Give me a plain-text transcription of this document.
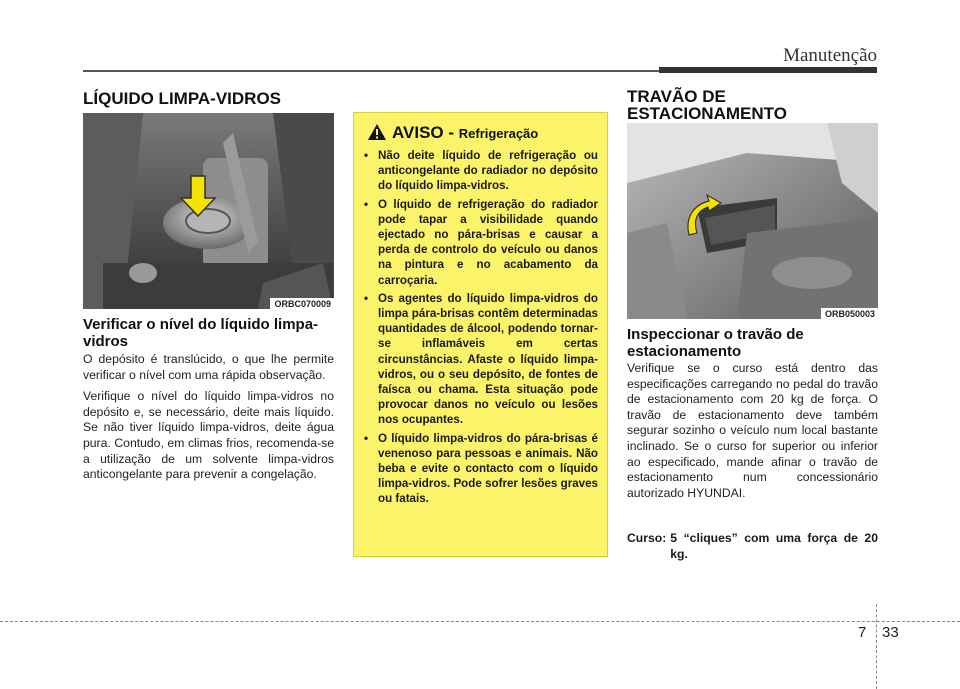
Manutenção
LÍQUIDO LIMPA-VIDROS
ORBC070009
Verificar o nível do líquido limpa-vidros

O depósito é translúcido, o que lhe permite verificar o nível com uma rápida observação.

Verifique o nível do líquido limpa-vidros no depósito e, se necessário, deite mais líquido. Se não tiver líquido limpa-vidros, deite água pura. Contudo, em climas frios, recomenda-se a utilização de um solvente limpa-vidros anticongelante para prevenir a congelação.

AVISO - Refrigeração
• Não deite líquido de refrigeração ou anticongelante do radiador no depósito do líquido limpa-vidros.
• O líquido de refrigeração do radiador pode tapar a visibilidade quando ejectado no pára-brisas e causar a perda de controlo do veículo ou danos na pintura e no acabamento da carroçaria.
• Os agentes do líquido limpa-vidros do limpa pára-brisas contêm determinadas quantidades de álcool, podendo tornar-se inflamáveis em certas circunstâncias. Afaste o líquido limpa-vidros, ou o seu depósito, de fontes de faísca ou chama. Esta situação pode provocar danos no veículo ou lesões nos ocupantes.
• O líquido limpa-vidros do pára-brisas é venenoso para pessoas e animais. Não beba e evite o contacto com o líquido limpa-vidros. Pode sofrer lesões graves ou fatais.
TRAVÃO DE ESTACIONAMENTO
ORB050003
Inspeccionar o travão de estacionamento
Verifique se o curso está dentro das especificações carregando no pedal do travão de estacionamento com 20 kg de força. O travão de estacionamento deve também segurar sozinho o veículo num local bastante inclinado. Se o curso for superior ou inferior ao especificado, mande afinar o travão de estacionamento num concessionário autorizado HYUNDAI.
Curso: 5 “cliques” com uma força de 20 kg.
7 33
